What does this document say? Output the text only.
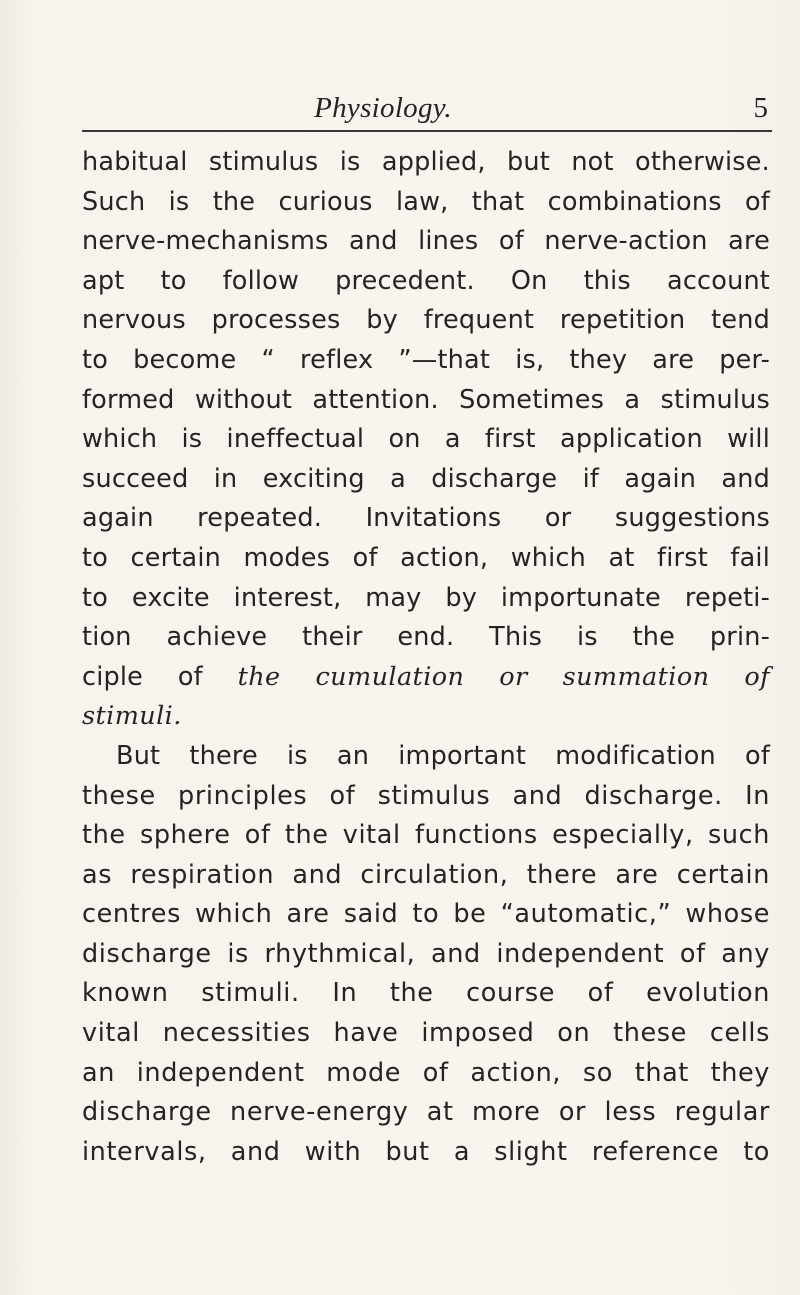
Physiology.	5
habitual stimulus is applied, but not otherwise.
Such is the curious law, that combinations of
nerve-mechanisms and lines of nerve-action are
apt to follow precedent. On this account
nervous processes by frequent repetition tend
to become “ reflex ”—that is, they are per-
formed without attention. Sometimes a stimulus
which is ineffectual on a first application will
succeed in exciting a discharge if again and
again repeated. Invitations or suggestions
to certain modes of action, which at first fail
to excite interest, may by importunate repeti-
tion achieve their end. This is the prin-
ciple of the cumulation or summation of
stimuli.
But there is an important modification of
these principles of stimulus and discharge. In
the sphere of the vital functions especially, such
as respiration and circulation, there are certain
centres which are said to be “automatic,” whose
discharge is rhythmical, and independent of any
known stimuli. In the course of evolution
vital necessities have imposed on these cells
an independent mode of action, so that they
discharge nerve-energy at more or less regular
intervals, and with but a slight reference to
